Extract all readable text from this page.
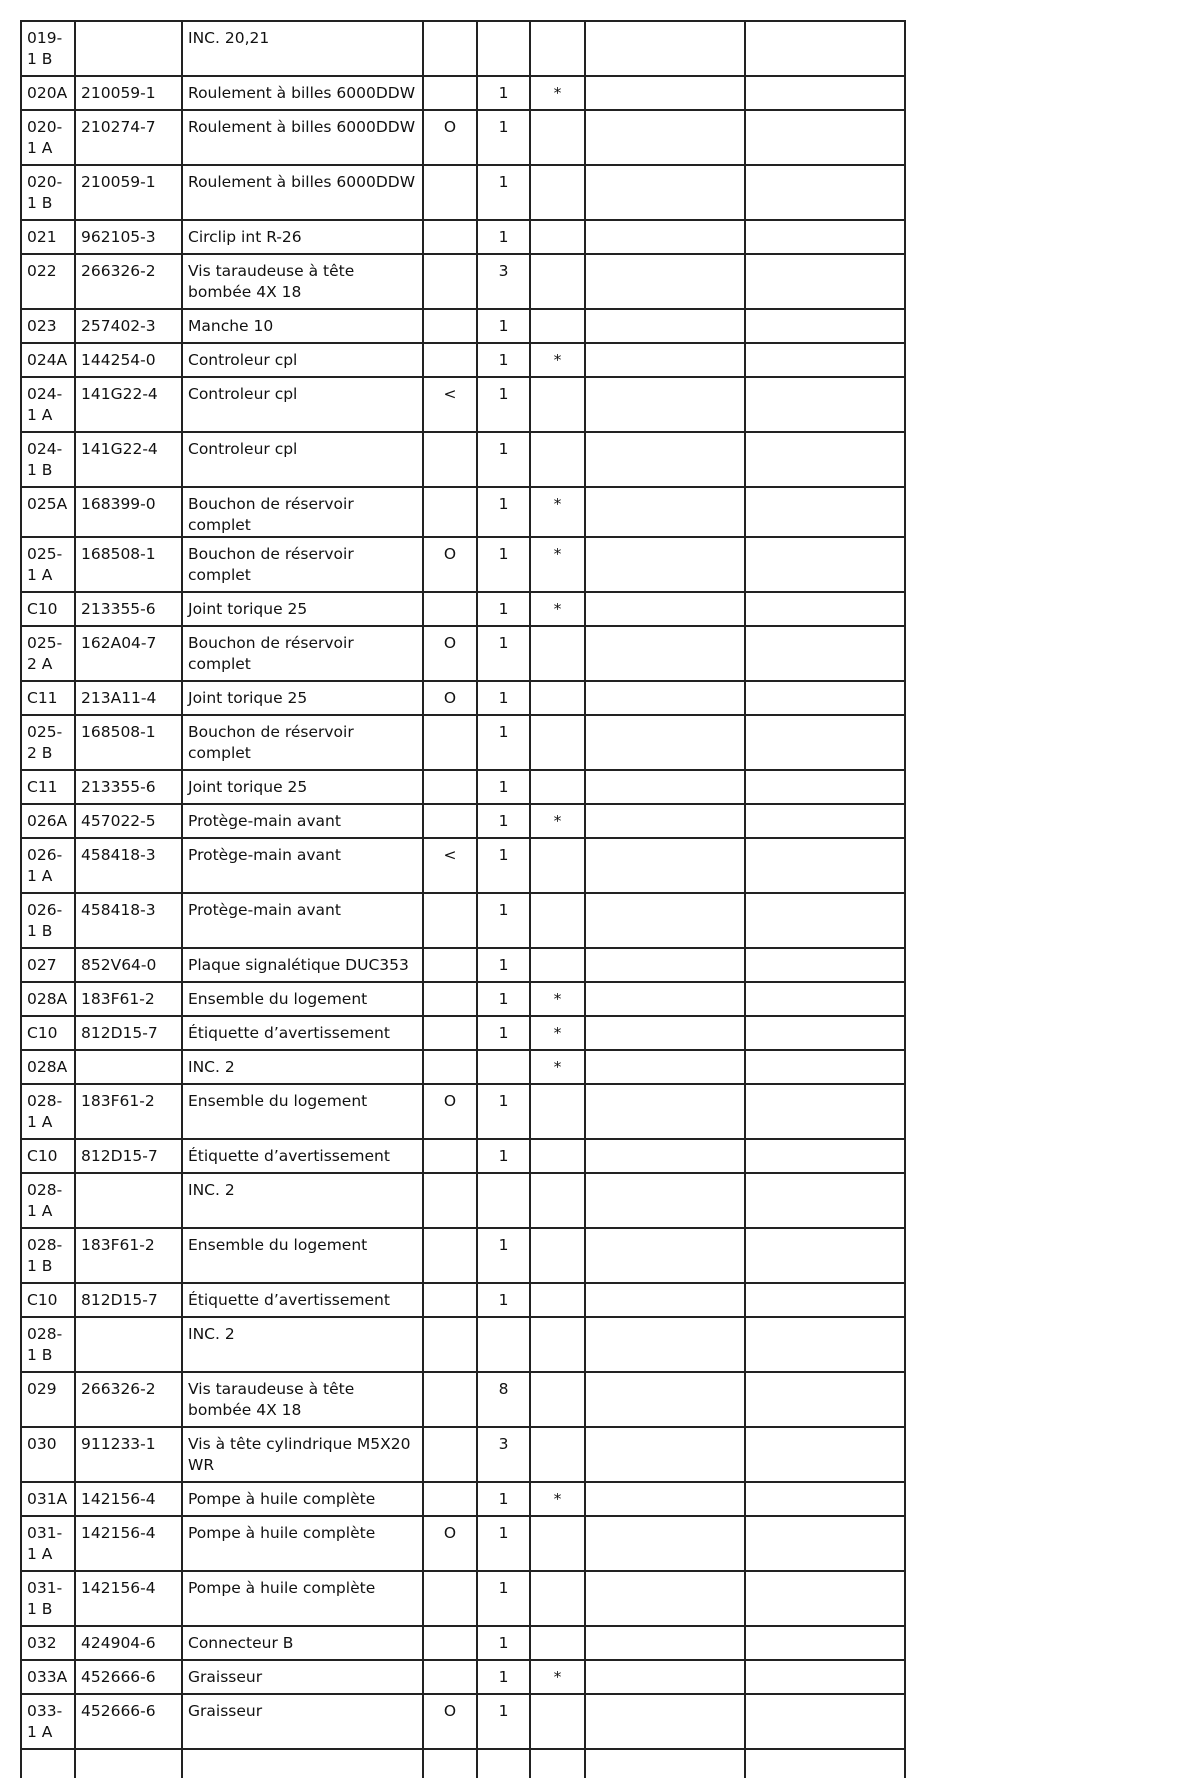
019-1 B		INC. 20,21					
020A	210059-1	Roulement à billes 6000DDW		1	*		
020-1 A	210274-7	Roulement à billes 6000DDW	O	1			
020-1 B	210059-1	Roulement à billes 6000DDW		1			
021	962105-3	Circlip int R-26		1			
022	266326-2	Vis taraudeuse à tête bombée 4X 18		3			
023	257402-3	Manche 10		1			
024A	144254-0	Controleur cpl		1	*		
024-1 A	141G22-4	Controleur cpl	<	1			
024-1 B	141G22-4	Controleur cpl		1			
025A	168399-0	Bouchon de réservoir complet		1	*		
025-1 A	168508-1	Bouchon de réservoir complet	O	1	*		
C10	213355-6	Joint torique 25		1	*		
025-2 A	162A04-7	Bouchon de réservoir complet	O	1			
C11	213A11-4	Joint torique 25	O	1			
025-2 B	168508-1	Bouchon de réservoir complet		1			
C11	213355-6	Joint torique 25		1			
026A	457022-5	Protège-main avant		1	*		
026-1 A	458418-3	Protège-main avant	<	1			
026-1 B	458418-3	Protège-main avant		1			
027	852V64-0	Plaque signalétique DUC353		1			
028A	183F61-2	Ensemble du logement		1	*		
C10	812D15-7	Étiquette d’avertissement		1	*		
028A		INC. 2			*		
028-1 A	183F61-2	Ensemble du logement	O	1			
C10	812D15-7	Étiquette d’avertissement		1			
028-1 A		INC. 2					
028-1 B	183F61-2	Ensemble du logement		1			
C10	812D15-7	Étiquette d’avertissement		1			
028-1 B		INC. 2					
029	266326-2	Vis taraudeuse à tête bombée 4X 18		8			
030	911233-1	Vis à tête cylindrique M5X20 WR		3			
031A	142156-4	Pompe à huile complète		1	*		
031-1 A	142156-4	Pompe à huile complète	O	1			
031-1 B	142156-4	Pompe à huile complète		1			
032	424904-6	Connecteur B		1			
033A	452666-6	Graisseur		1	*		
033-1 A	452666-6	Graisseur	O	1			
